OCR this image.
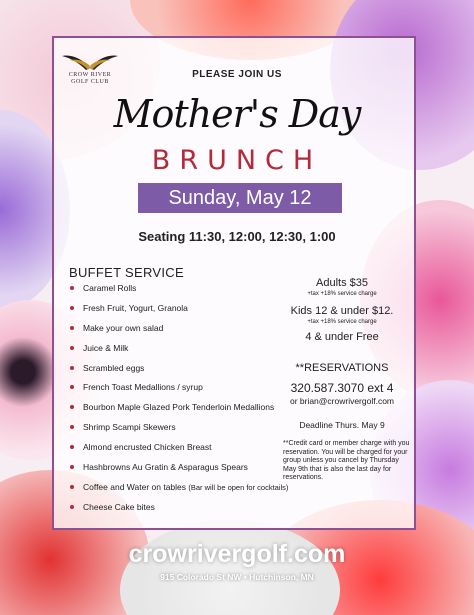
CROW RIVER
GOLF CLUB
PLEASE JOIN US
Mother's Day
BRUNCH
Sunday, May 12
Seating 11:30, 12:00, 12:30, 1:00
BUFFET SERVICE
Caramel Rolls
Fresh Fruit, Yogurt, Granola
Make your own salad
Juice & Milk
Scrambled eggs
French Toast Medallions / syrup
Bourbon Maple Glazed Pork Tenderloin Medallions
Shrimp Scampi Skewers
Almond encrusted Chicken Breast
Hashbrowns Au Gratin & Asparagus Spears
Coffee and Water on tables (Bar will be open for cocktails)
Cheese Cake bites
Adults $35
+tax +18% service charge
Kids 12 & under $12.
+tax +18% service charge
4 & under Free
**RESERVATIONS
320.587.3070 ext 4
or brian@crowrivergolf.com
Deadline Thurs. May 9
**Credit card or member charge with you reservation. You will be charged for your group unless you cancel by Thursday May 9th that is also the last day for reservations.
crowrivergolf.com
915 Colorado St NW • Hutchinson, MN
